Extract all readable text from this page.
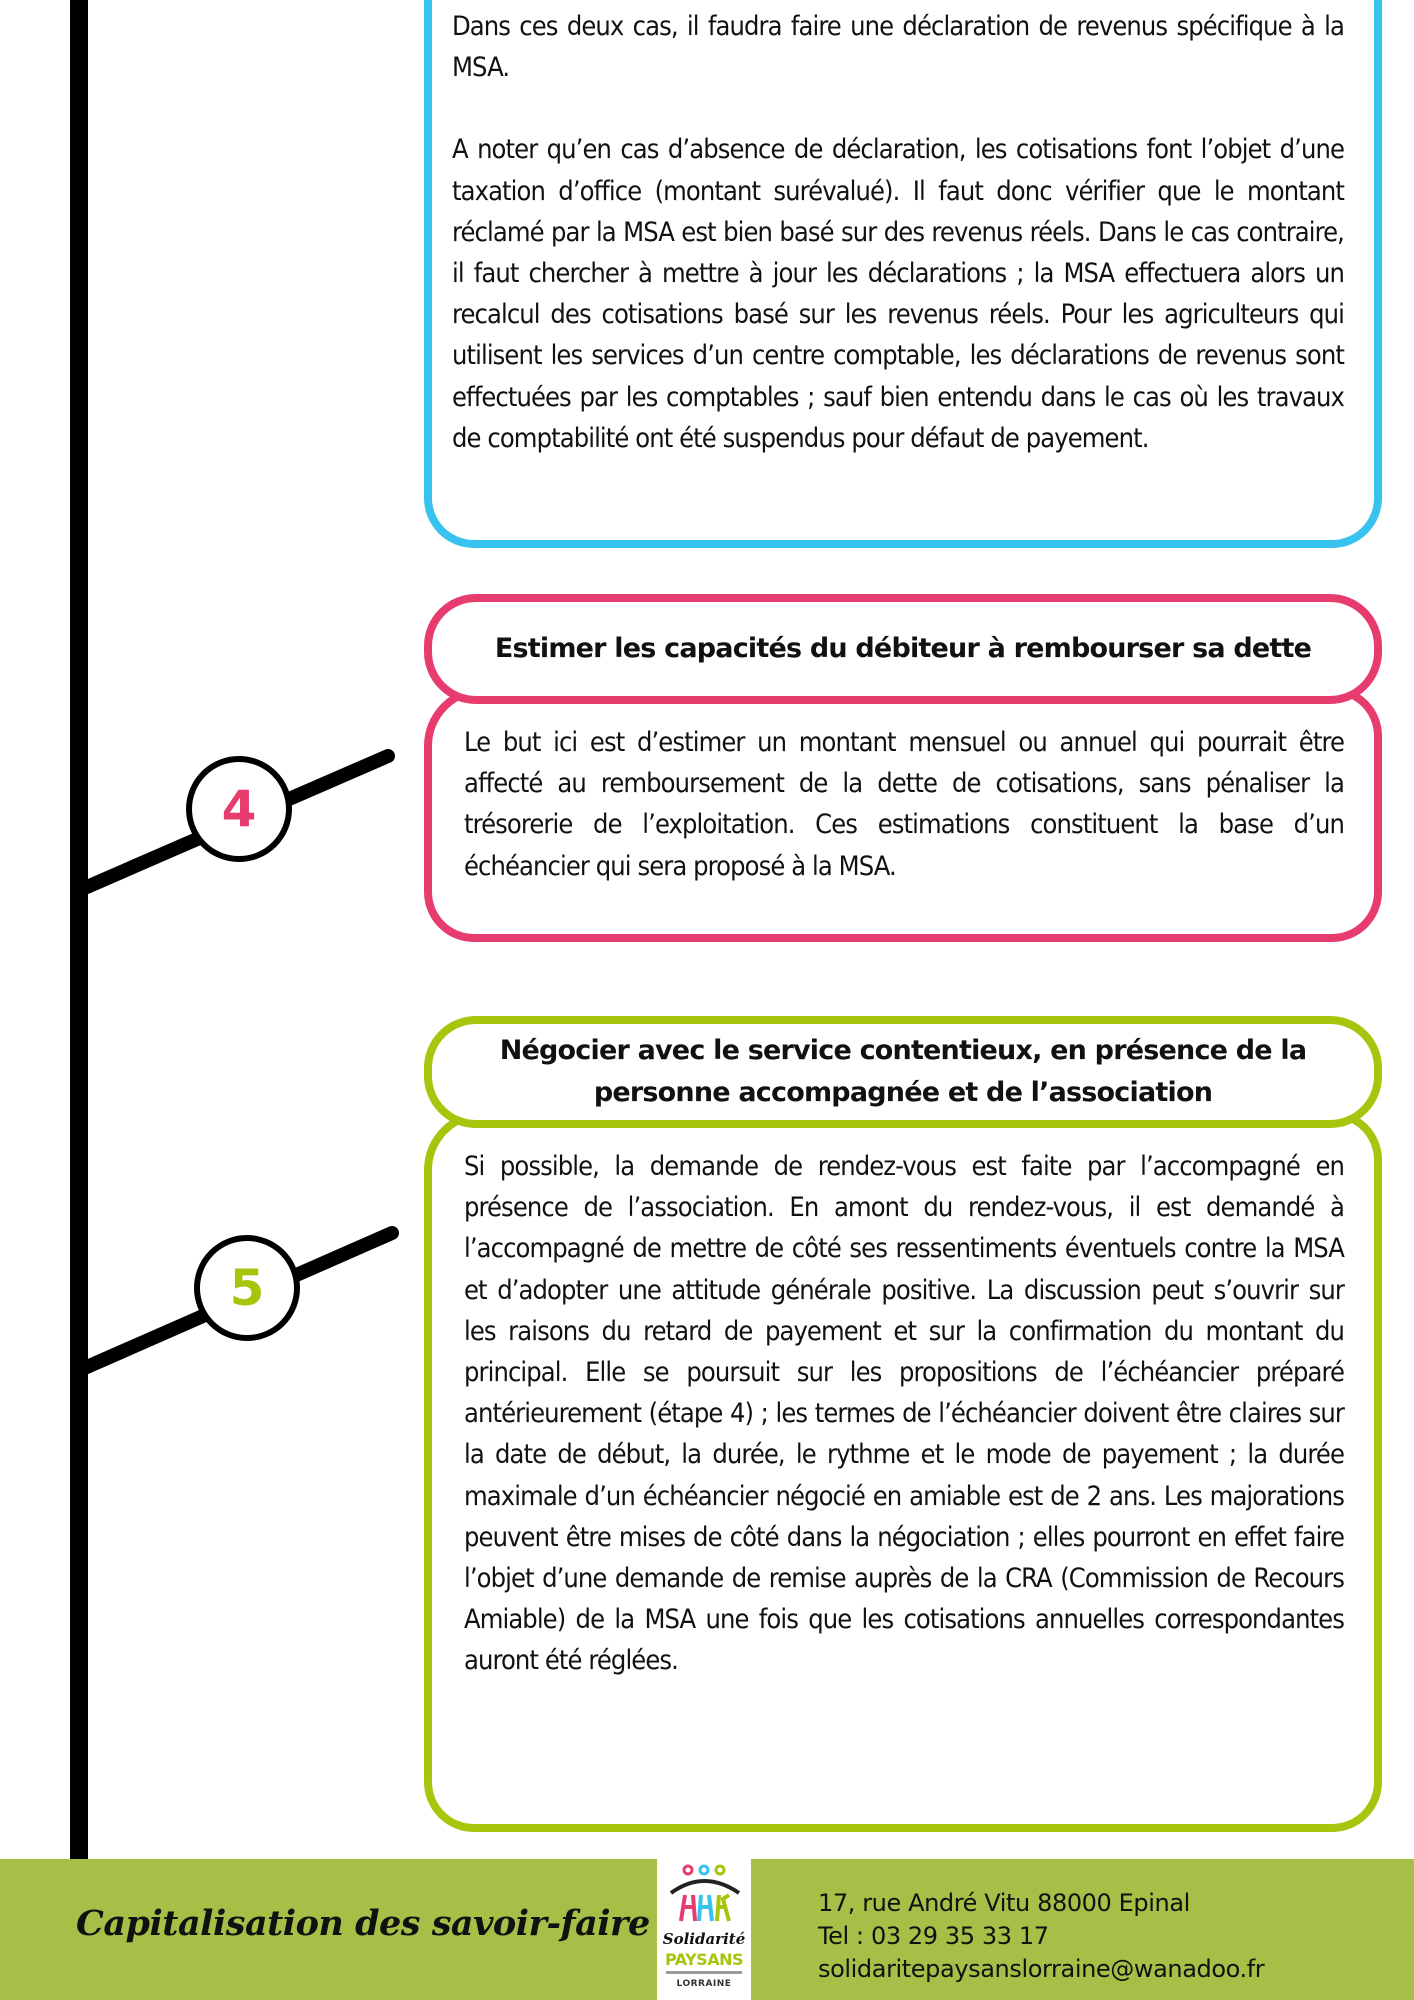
4
5

Dans ces deux cas, il faudra faire une déclaration de revenus spécifique à la MSA.

A noter qu’en cas d’absence de déclaration, les cotisations font l’objet d’une taxation d’office (montant surévalué). Il faut donc vérifier que le montant réclamé par la MSA est bien basé sur des revenus réels. Dans le cas contraire, il faut chercher à mettre à jour les déclarations ; la MSA effectuera alors un recalcul des cotisations basé sur les revenus réels. Pour les agriculteurs qui utilisent les services d’un centre comptable, les déclarations de revenus sont effectuées par les comptables ; sauf bien entendu dans le cas où les travaux de comptabilité ont été suspendus pour défaut de payement.

Estimer les capacités du débiteur à rembourser sa dette
Le but ici est d’estimer un montant mensuel ou annuel qui pourrait être affecté au remboursement de la dette de cotisations, sans pénaliser la trésorerie de l’exploitation. Ces estimations constituent la base d’un échéancier qui sera proposé à la MSA.
Négocier avec le service contentieux, en présence de la personne accompagnée et de l’association
Si possible, la demande de rendez-vous est faite par l’accompagné en présence de l’association. En amont du rendez-vous, il est demandé à l’accompagné de mettre de côté ses ressentiments éventuels contre la MSA et d’adopter une attitude générale positive. La discussion peut s’ouvrir sur les raisons du retard de payement et sur la confirmation du montant du principal. Elle se poursuit sur les propositions de l’échéancier préparé antérieurement (étape 4) ; les termes de l’échéancier doivent être claires sur la date de début, la durée, le rythme et le mode de payement ; la durée maximale d’un échéancier négocié en amiable est de 2 ans. Les majorations peuvent être mises de côté dans la négociation ; elles pourront en effet faire l’objet d’une demande de remise auprès de la CRA (Commission de Recours Amiable) de la MSA une fois que les cotisations annuelles correspondantes auront été réglées.
Capitalisation des savoir-faire Solidarité
PAYSANS
LORRAINE
17, rue André Vitu 88000 Epinal
Tel : 03 29 35 33 17
solidaritepaysanslorraine@wanadoo.fr
